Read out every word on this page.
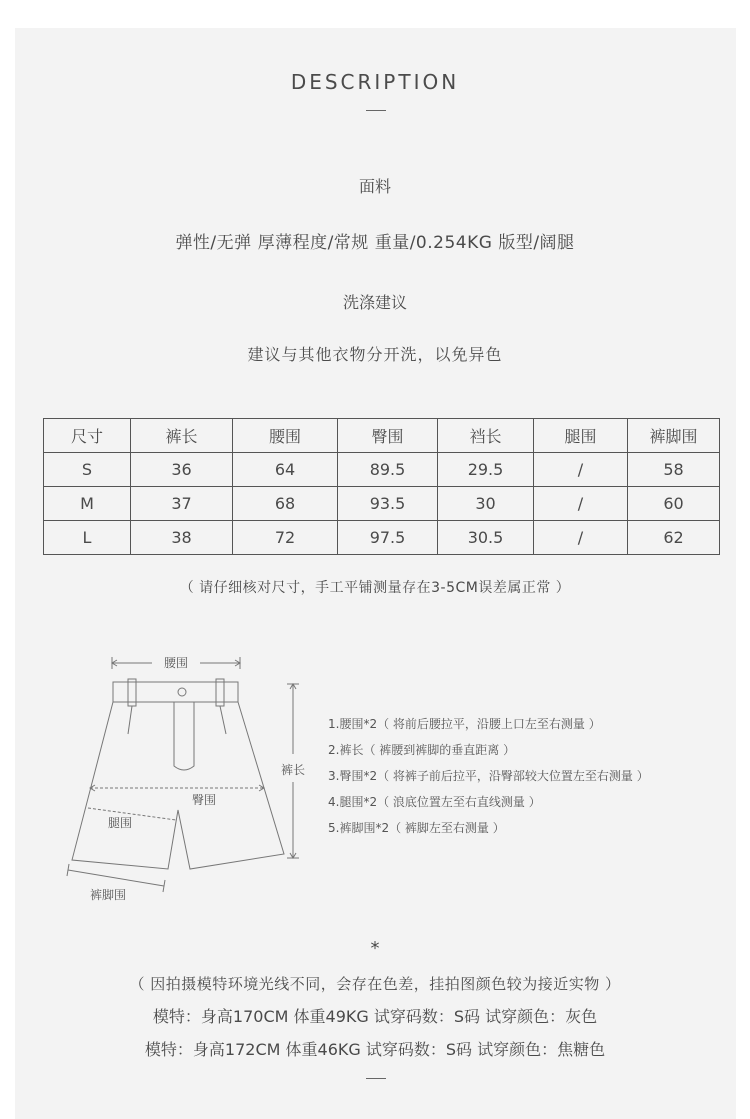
DESCRIPTION
面料
弹性/无弹 厚薄程度/常规 重量/0.254KG 版型/阔腿
洗涤建议
建议与其他衣物分开洗，以免异色
尺寸	裤长	腰围	臀围	裆长	腿围	裤脚围
S	36	64	89.5	29.5	/	58
M	37	68	93.5	30	/	60
L	38	72	97.5	30.5	/	62
（ 请仔细核对尺寸，手工平铺测量存在3-5CM误差属正常 ）
腰围
裤长
臀围
腿围
裤脚围
1.腰围*2（ 将前后腰拉平，沿腰上口左至右测量 ）
2.裤长（ 裤腰到裤脚的垂直距离 ）
3.臀围*2（ 将裤子前后拉平，沿臀部较大位置左至右测量 ）
4.腿围*2（ 浪底位置左至右直线测量 ）
5.裤脚围*2（ 裤脚左至右测量 ）
*
（ 因拍摄模特环境光线不同，会存在色差，挂拍图颜色较为接近实物 ）
模特：身高170CM 体重49KG 试穿码数：S码 试穿颜色：灰色
模特：身高172CM 体重46KG 试穿码数：S码 试穿颜色：焦糖色
